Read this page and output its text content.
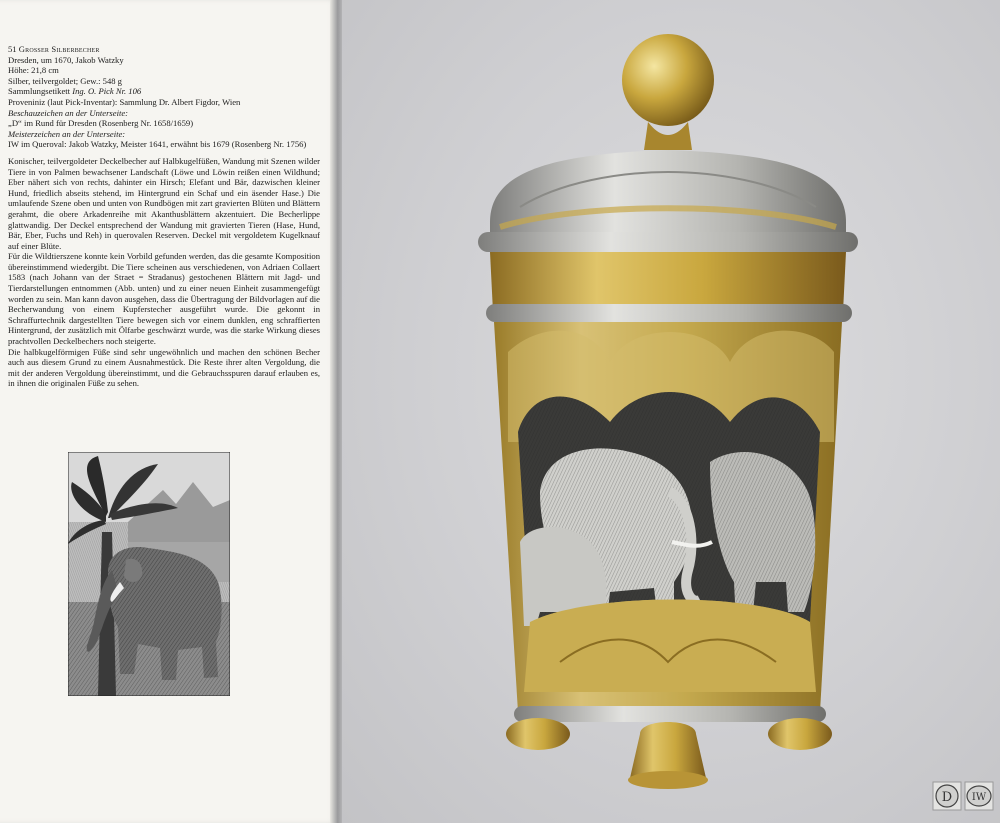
51 Grosser Silberbecher

Dresden, um 1670, Jakob Watzky

Höhe: 21,8 cm

Silber, teilvergoldet; Gew.: 548 g

Sammlungsetikett Ing. O. Pick Nr. 106

Proveniniz (laut Pick-Inventar): Sammlung Dr. Albert Figdor, Wien

Beschauzeichen an der Unterseite:

„D“ im Rund für Dresden (Rosenberg Nr. 1658/1659)

Meisterzeichen an der Unterseite:

IW im Queroval: Jakob Watzky, Meister 1641, erwähnt bis 1679 (Rosenberg Nr. 1756)

Konischer, teilvergoldeter Deckelbecher auf Halbkugelfüßen, Wandung mit Szenen wilder Tiere in von Palmen bewachsener Landschaft (Löwe und Löwin reißen einen Wildhund; Eber nähert sich von rechts, dahinter ein Hirsch; Elefant und Bär, dazwischen kleiner Hund, friedlich abseits stehend, im Hintergrund ein Schaf und ein äsender Hase.) Die umlaufende Szene oben und unten von Rundbögen mit zart gravierten Blüten und Blättern gerahmt, die obere Arkadenreihe mit Akanthusblättern akzentuiert. Die Becherlippe glattwandig. Der Deckel entsprechend der Wandung mit gravierten Tieren (Hase, Hund, Bär, Eber, Fuchs und Reh) in querovalen Reserven. Deckel mit vergoldetem Kugelknauf auf einer Blüte.

Für die Wildtierszene konnte kein Vorbild gefunden werden, das die gesamte Komposition übereinstimmend wiedergibt. Die Tiere scheinen aus verschiedenen, von Adriaen Collaert 1583 (nach Johann van der Straet = Stradanus) gestochenen Blättern mit Jagd- und Tierdarstellungen entnommen (Abb. unten) und zu einer neuen Einheit zusammengefügt worden zu sein. Man kann davon ausgehen, dass die Übertragung der Bildvorlagen auf die Becherwandung von einem Kupferstecher ausgeführt wurde. Die gekonnt in Schraffurtechnik dargestellten Tiere bewegen sich vor einem dunklen, eng schraffierten Hintergrund, der zusätzlich mit Ölfarbe geschwärzt wurde, was die starke Wirkung dieses prachtvollen Deckelbechers noch steigerte.

Die halbkugelförmigen Füße sind sehr ungewöhnlich und machen den schönen Becher auch aus diesem Grund zu einem Ausnahmestück. Die Reste ihrer alten Vergoldung, die mit der anderen Vergoldung übereinstimmt, und die Gebrauchsspuren darauf erlauben es, in ihnen die originalen Füße zu sehen.

D IW
